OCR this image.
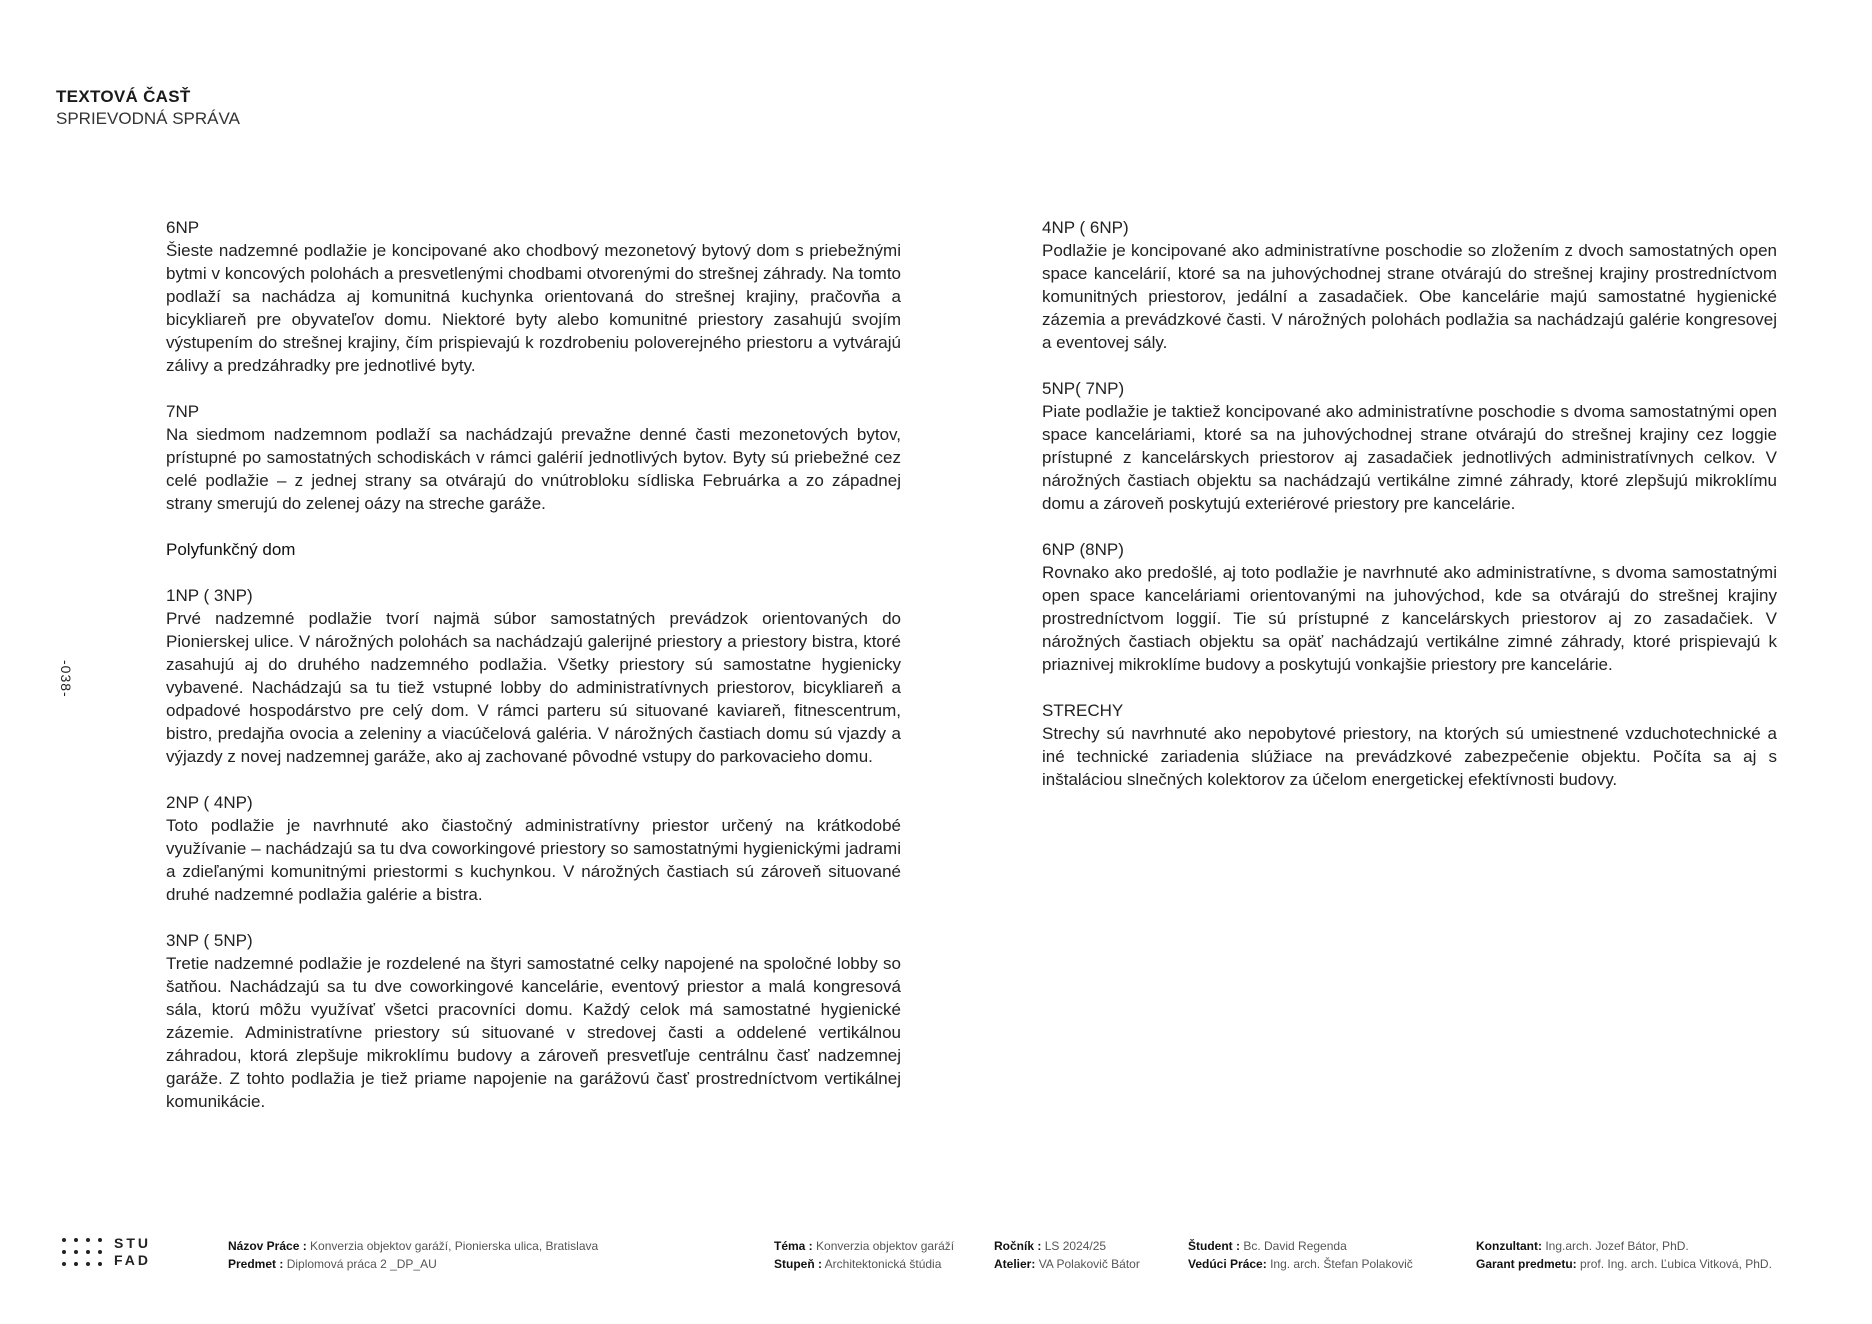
TEXTOVÁ ČASŤ
SPRIEVODNÁ SPRÁVA
-038-
6NP
Šieste nadzemné podlažie je koncipované ako chodbový mezonetový bytový dom s priebežnými bytmi v koncových polohách a presvetlenými chodbami otvorenými do strešnej záhrady. Na tomto podlaží sa nachádza aj komunitná kuchynka orientovaná do strešnej krajiny, pračovňa a bicykliareň pre obyvateľov domu. Niektoré byty alebo komunitné priestory zasahujú svojím výstupením do strešnej krajiny, čím prispievajú k rozdrobeniu poloverejného priestoru a vytvárajú zálivy a predzáhradky pre jednotlivé byty.
7NP
Na siedmom nadzemnom podlaží sa nachádzajú prevažne denné časti mezonetových bytov, prístupné po samostatných schodiskách v rámci galérií jednotlivých bytov. Byty sú priebežné cez celé podlažie – z jednej strany sa otvárajú do vnútrobloku sídliska Februárka a zo západnej strany smerujú do zelenej oázy na streche garáže.
Polyfunkčný dom
1NP ( 3NP)
Prvé nadzemné podlažie tvorí najmä súbor samostatných prevádzok orientovaných do Pionierskej ulice. V nárožných polohách sa nachádzajú galerijné priestory a priestory bistra, ktoré zasahujú aj do druhého nadzemného podlažia. Všetky priestory sú samostatne hygienicky vybavené. Nachádzajú sa tu tiež vstupné lobby do administratívnych priestorov, bicykliareň a odpadové hospodárstvo pre celý dom. V rámci parteru sú situované kaviareň, fitnescentrum, bistro, predajňa ovocia a zeleniny a viacúčelová galéria. V nárožných častiach domu sú vjazdy a výjazdy z novej nadzemnej garáže, ako aj zachované pôvodné vstupy do parkovacieho domu.
2NP ( 4NP)
Toto podlažie je navrhnuté ako čiastočný administratívny priestor určený na krátkodobé využívanie – nachádzajú sa tu dva coworkingové priestory so samostatnými hygienickými jadrami a zdieľanými komunitnými priestormi s kuchynkou. V nárožných častiach sú zároveň situované druhé nadzemné podlažia galérie a bistra.
3NP ( 5NP)
Tretie nadzemné podlažie je rozdelené na štyri samostatné celky napojené na spoločné lobby so šatňou. Nachádzajú sa tu dve coworkingové kancelárie, eventový priestor a malá kongresová sála, ktorú môžu využívať všetci pracovníci domu. Každý celok má samostatné hygienické zázemie. Administratívne priestory sú situované v stredovej časti a oddelené vertikálnou záhradou, ktorá zlepšuje mikroklímu budovy a zároveň presvetľuje centrálnu časť nadzemnej garáže. Z tohto podlažia je tiež priame napojenie na garážovú časť prostredníctvom vertikálnej komunikácie.
4NP ( 6NP)
Podlažie je koncipované ako administratívne poschodie so zložením z dvoch samostatných open space kancelárií, ktoré sa na juhovýchodnej strane otvárajú do strešnej krajiny prostredníctvom komunitných priestorov, jedální a zasadačiek. Obe kancelárie majú samostatné hygienické zázemia a prevádzkové časti. V nárožných polohách podlažia sa nachádzajú galérie kongresovej a eventovej sály.
5NP( 7NP)
Piate podlažie je taktiež koncipované ako administratívne poschodie s dvoma samostatnými open space kanceláriami, ktoré sa na juhovýchodnej strane otvárajú do strešnej krajiny cez loggie prístupné z kancelárskych priestorov aj zasadačiek jednotlivých administratívnych celkov. V nárožných častiach objektu sa nachádzajú vertikálne zimné záhrady, ktoré zlepšujú mikroklímu domu a zároveň poskytujú exteriérové priestory pre kancelárie.
6NP (8NP)
Rovnako ako predošlé, aj toto podlažie je navrhnuté ako administratívne, s dvoma samostatnými open space kanceláriami orientovanými na juhovýchod, kde sa otvárajú do strešnej krajiny prostredníctvom loggií. Tie sú prístupné z kancelárskych priestorov aj zo zasadačiek. V nárožných častiach objektu sa opäť nachádzajú vertikálne zimné záhrady, ktoré prispievajú k priaznivej mikroklíme budovy a poskytujú vonkajšie priestory pre kancelárie.
STRECHY
Strechy sú navrhnuté ako nepobytové priestory, na ktorých sú umiestnené vzduchotechnické a iné technické zariadenia slúžiace na prevádzkové zabezpečenie objektu. Počíta sa aj s inštaláciou slnečných kolektorov za účelom energetickej efektívnosti budovy.
STU
FAD
Názov Práce : Konverzia objektov garáží, Pionierska ulica, Bratislava
Predmet : Diplomová práca 2 _DP_AU
Téma : Konverzia objektov garáží
Stupeň : Architektonická štúdia
Ročník : LS 2024/25
Atelier: VA Polakovič Bátor
Študent : Bc. David Regenda
Vedúci Práce: Ing. arch. Štefan Polakovič
Konzultant: Ing.arch. Jozef Bátor, PhD.
Garant predmetu: prof. Ing. arch. Ľubica Vitková, PhD.
